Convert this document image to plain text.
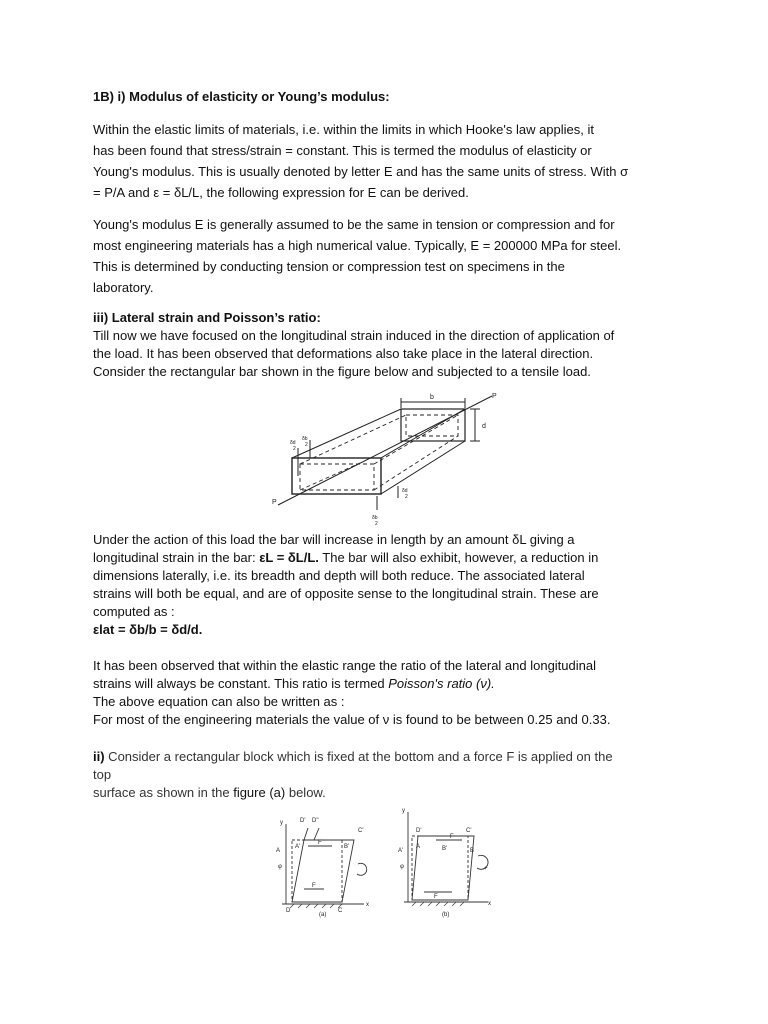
1B) i) Modulus of elasticity or Young’s modulus:

Within the elastic limits of materials, i.e. within the limits in which Hooke's law applies, it
has been found that stress/strain = constant. This is termed the modulus of elasticity or
Young's modulus. This is usually denoted by letter E and has the same units of stress. With σ
= P/A and ε = δL/L, the following expression for E can be derived.

Young's modulus E is generally assumed to be the same in tension or compression and for
most engineering materials has a high numerical value. Typically, E = 200000 MPa for steel.
This is determined by conducting tension or compression test on specimens in the
laboratory.

iii) Lateral strain and Poisson’s ratio:

Till now we have focused on the longitudinal strain induced in the direction of application of
the load. It has been observed that deformations also take place in the lateral direction.
Consider the rectangular bar shown in the figure below and subjected to a tensile load.

P
P
b
d
δb
2
δd
2
δb
2
δd
2

Under the action of this load the bar will increase in length by an amount δL giving a
longitudinal strain in the bar: εL = δL/L. The bar will also exhibit, however, a reduction in
dimensions laterally, i.e. its breadth and depth will both reduce. The associated lateral
strains will both be equal, and are of opposite sense to the longitudinal strain. These are
computed as :
εlat = δb/b = δd/d.

It has been observed that within the elastic range the ratio of the lateral and longitudinal
strains will always be constant. This ratio is termed Poisson's ratio (ν).
The above equation can also be written as :
For most of the engineering materials the value of ν is found to be between 0.25 and 0.33.

ii) Consider a rectangular block which is fixed at the bottom and a force F is applied on the
top
surface as shown in the figure (a) below.

D' D''
C'
A
A'	B'
F
F
D	C
x
y
φ
(a)
D'	C'
A'
A	B'	B
F
F
x
y
φ	+
(b)
